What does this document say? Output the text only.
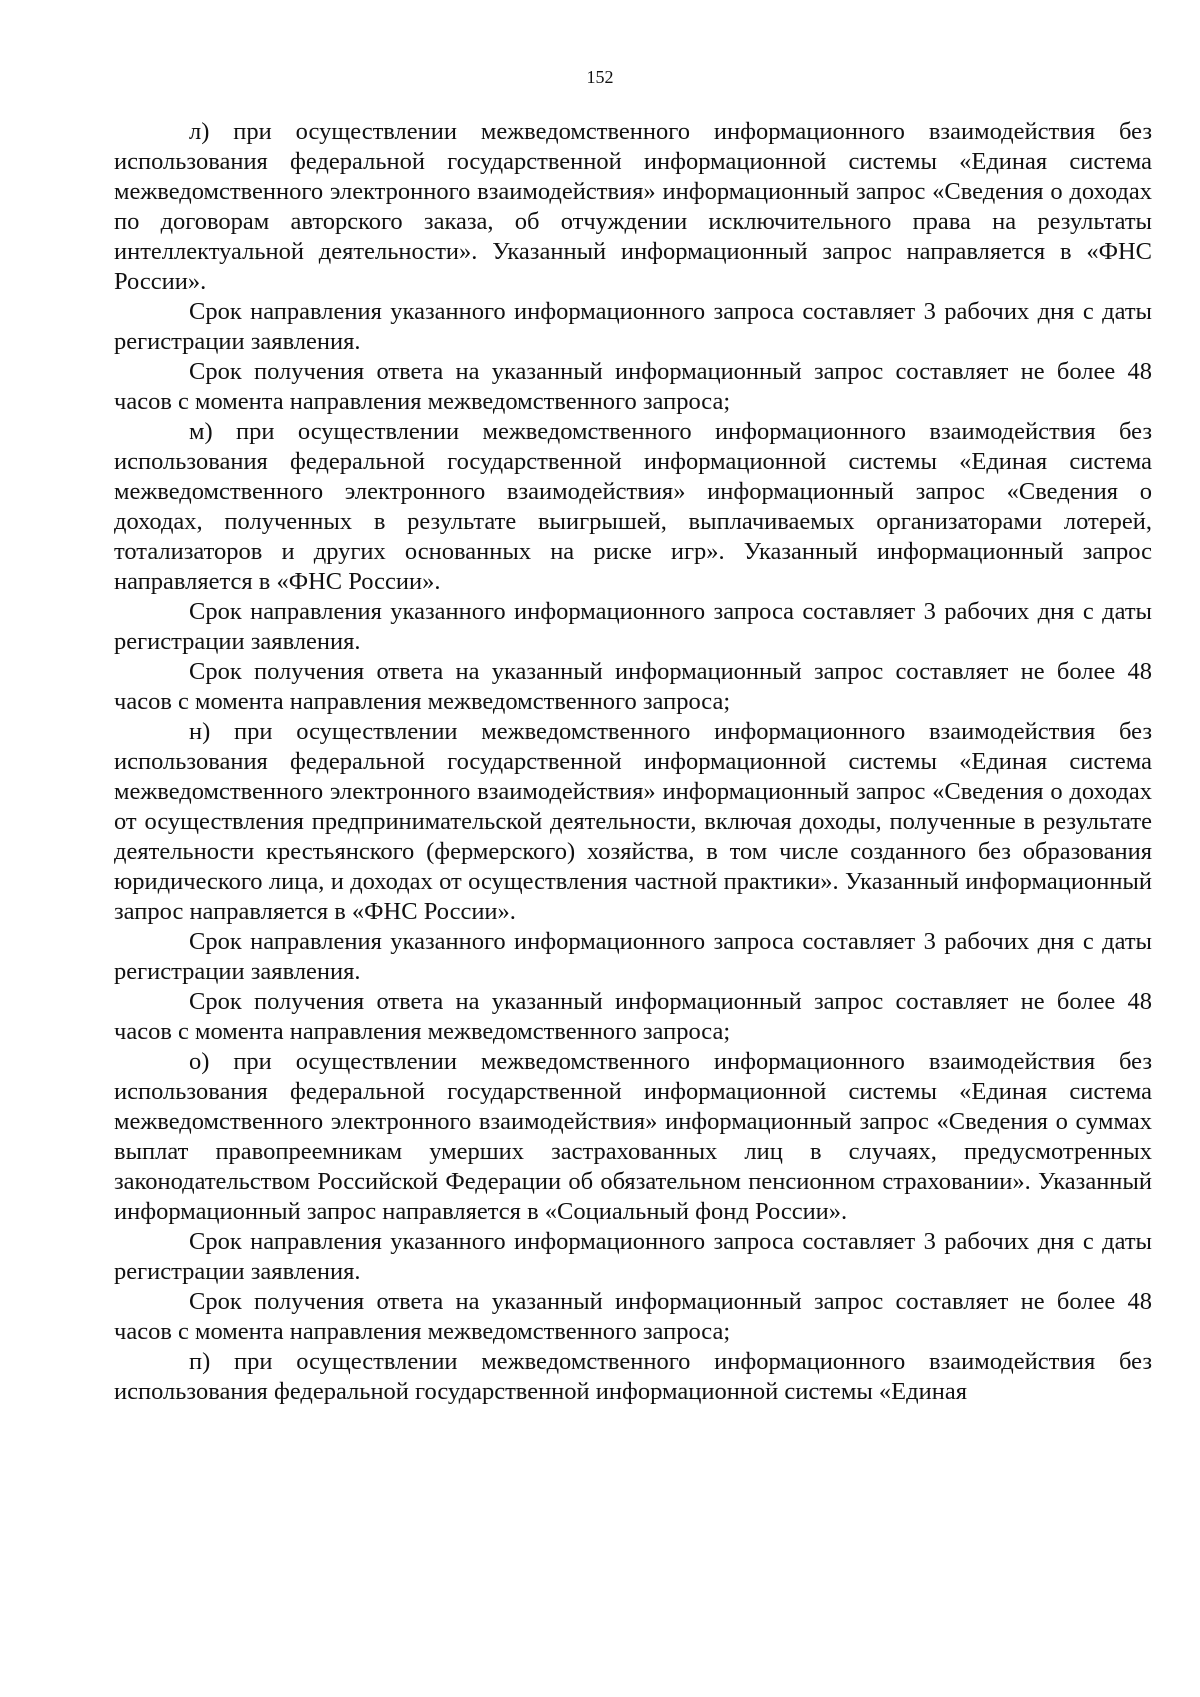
152

л) при осуществлении межведомственного информационного взаимодействия без использования федеральной государственной информационной системы «Единая система межведомственного электронного взаимодействия» информационный запрос «Сведения о доходах по договорам авторского заказа, об отчуждении исключительного права на результаты интеллектуальной деятельности». Указанный информационный запрос направляется в «ФНС России».

Срок направления указанного информационного запроса составляет 3 рабочих дня с даты регистрации заявления.

Срок получения ответа на указанный информационный запрос составляет не более 48 часов с момента направления межведомственного запроса;

м) при осуществлении межведомственного информационного взаимодействия без использования федеральной государственной информационной системы «Единая система межведомственного электронного взаимодействия» информационный запрос «Сведения о доходах, полученных в результате выигрышей, выплачиваемых организаторами лотерей, тотализаторов и других основанных на риске игр». Указанный информационный запрос направляется в «ФНС России».

Срок направления указанного информационного запроса составляет 3 рабочих дня с даты регистрации заявления.

Срок получения ответа на указанный информационный запрос составляет не более 48 часов с момента направления межведомственного запроса;

н) при осуществлении межведомственного информационного взаимодействия без использования федеральной государственной информационной системы «Единая система межведомственного электронного взаимодействия» информационный запрос «Сведения о доходах от осуществления предпринимательской деятельности, включая доходы, полученные в результате деятельности крестьянского (фермерского) хозяйства, в том числе созданного без образования юридического лица, и доходах от осуществления частной практики». Указанный информационный запрос направляется в «ФНС России».

Срок направления указанного информационного запроса составляет 3 рабочих дня с даты регистрации заявления.

Срок получения ответа на указанный информационный запрос составляет не более 48 часов с момента направления межведомственного запроса;

о) при осуществлении межведомственного информационного взаимодействия без использования федеральной государственной информационной системы «Единая система межведомственного электронного взаимодействия» информационный запрос «Сведения о суммах выплат правопреемникам умерших застрахованных лиц в случаях, предусмотренных законодательством Российской Федерации об обязательном пенсионном страховании». Указанный информационный запрос направляется в «Социальный фонд России».

Срок направления указанного информационного запроса составляет 3 рабочих дня с даты регистрации заявления.

Срок получения ответа на указанный информационный запрос составляет не более 48 часов с момента направления межведомственного запроса;

п) при осуществлении межведомственного информационного взаимодействия без использования федеральной государственной информационной системы «Единая
